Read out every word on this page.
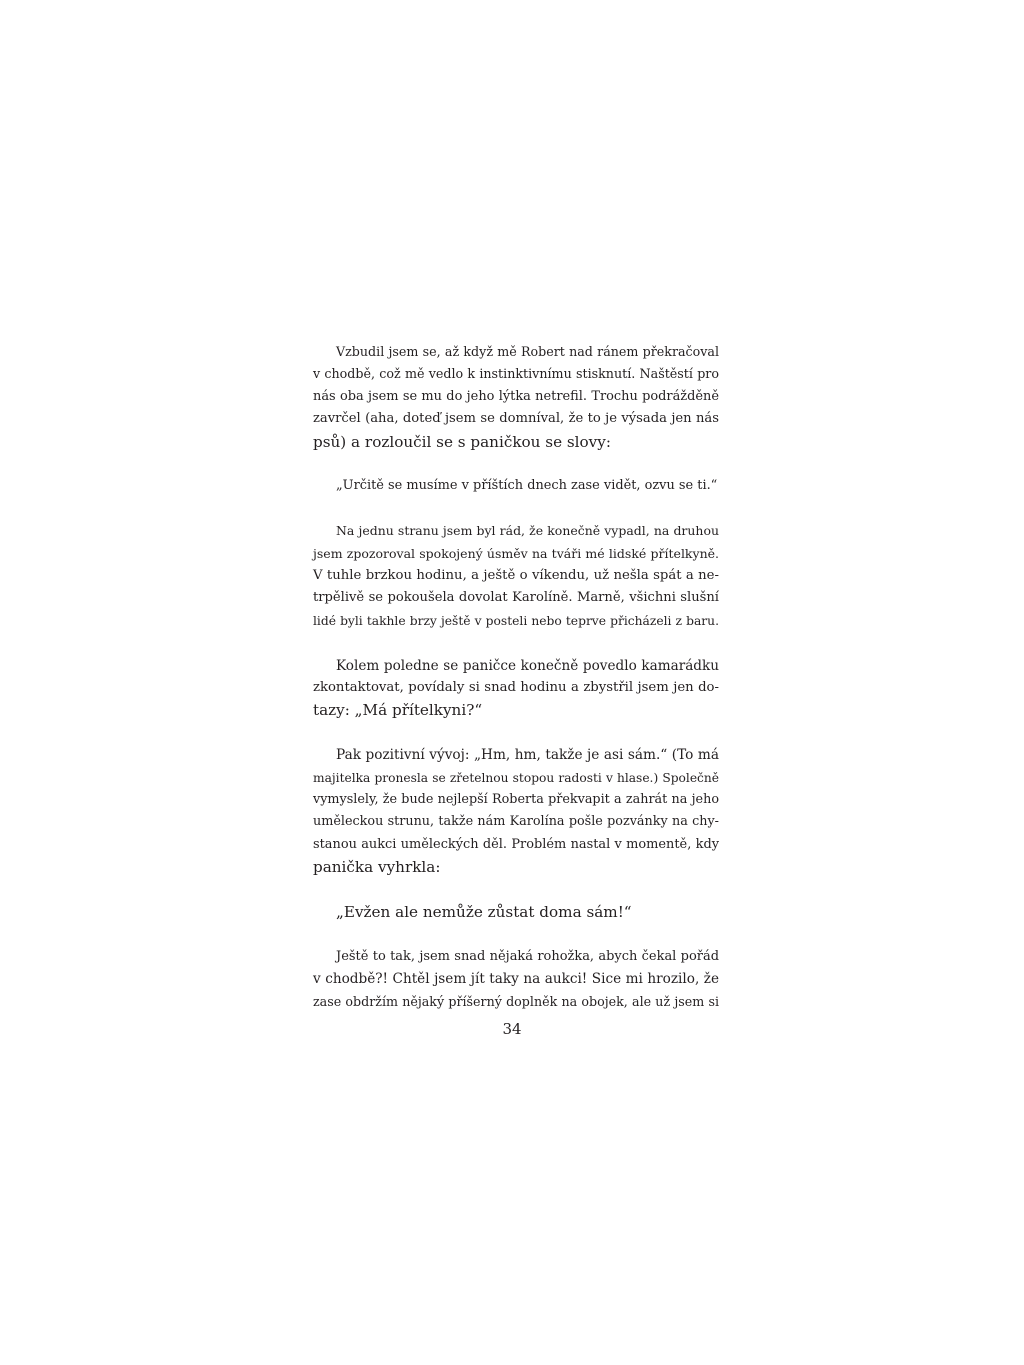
Vzbudil jsem se, až když mě Robert nad ránem překračoval
v chodbě, což mě vedlo k instinktivnímu stisknutí. Naštěstí pro
nás oba jsem se mu do jeho lýtka netrefil. Trochu podrážděně
zavrčel (aha, doteď jsem se domníval, že to je výsada jen nás
psů) a rozloučil se s paničkou se slovy:

„Určitě se musíme v příštích dnech zase vidět, ozvu se ti.“

Na jednu stranu jsem byl rád, že konečně vypadl, na druhou
jsem zpozoroval spokojený úsměv na tváři mé lidské přítelkyně.
V tuhle brzkou hodinu, a ještě o víkendu, už nešla spát a ne-
trpělivě se pokoušela dovolat Karolíně. Marně, všichni slušní
lidé byli takhle brzy ještě v posteli nebo teprve přicházeli z baru.

Kolem poledne se paničce konečně povedlo kamarádku
zkontaktovat, povídaly si snad hodinu a zbystřil jsem jen do-
tazy: „Má přítelkyni?“

Pak pozitivní vývoj: „Hm, hm, takže je asi sám.“ (To má
majitelka pronesla se zřetelnou stopou radosti v hlase.) Společně
vymyslely, že bude nejlepší Roberta překvapit a zahrát na jeho
uměleckou strunu, takže nám Karolína pošle pozvánky na chy-
stanou aukci uměleckých děl. Problém nastal v momentě, kdy
panička vyhrkla:

„Evžen ale nemůže zůstat doma sám!“

Ještě to tak, jsem snad nějaká rohožka, abych čekal pořád
v chodbě?! Chtěl jsem jít taky na aukci! Sice mi hrozilo, že
zase obdržím nějaký příšerný doplněk na obojek, ale už jsem si

34
